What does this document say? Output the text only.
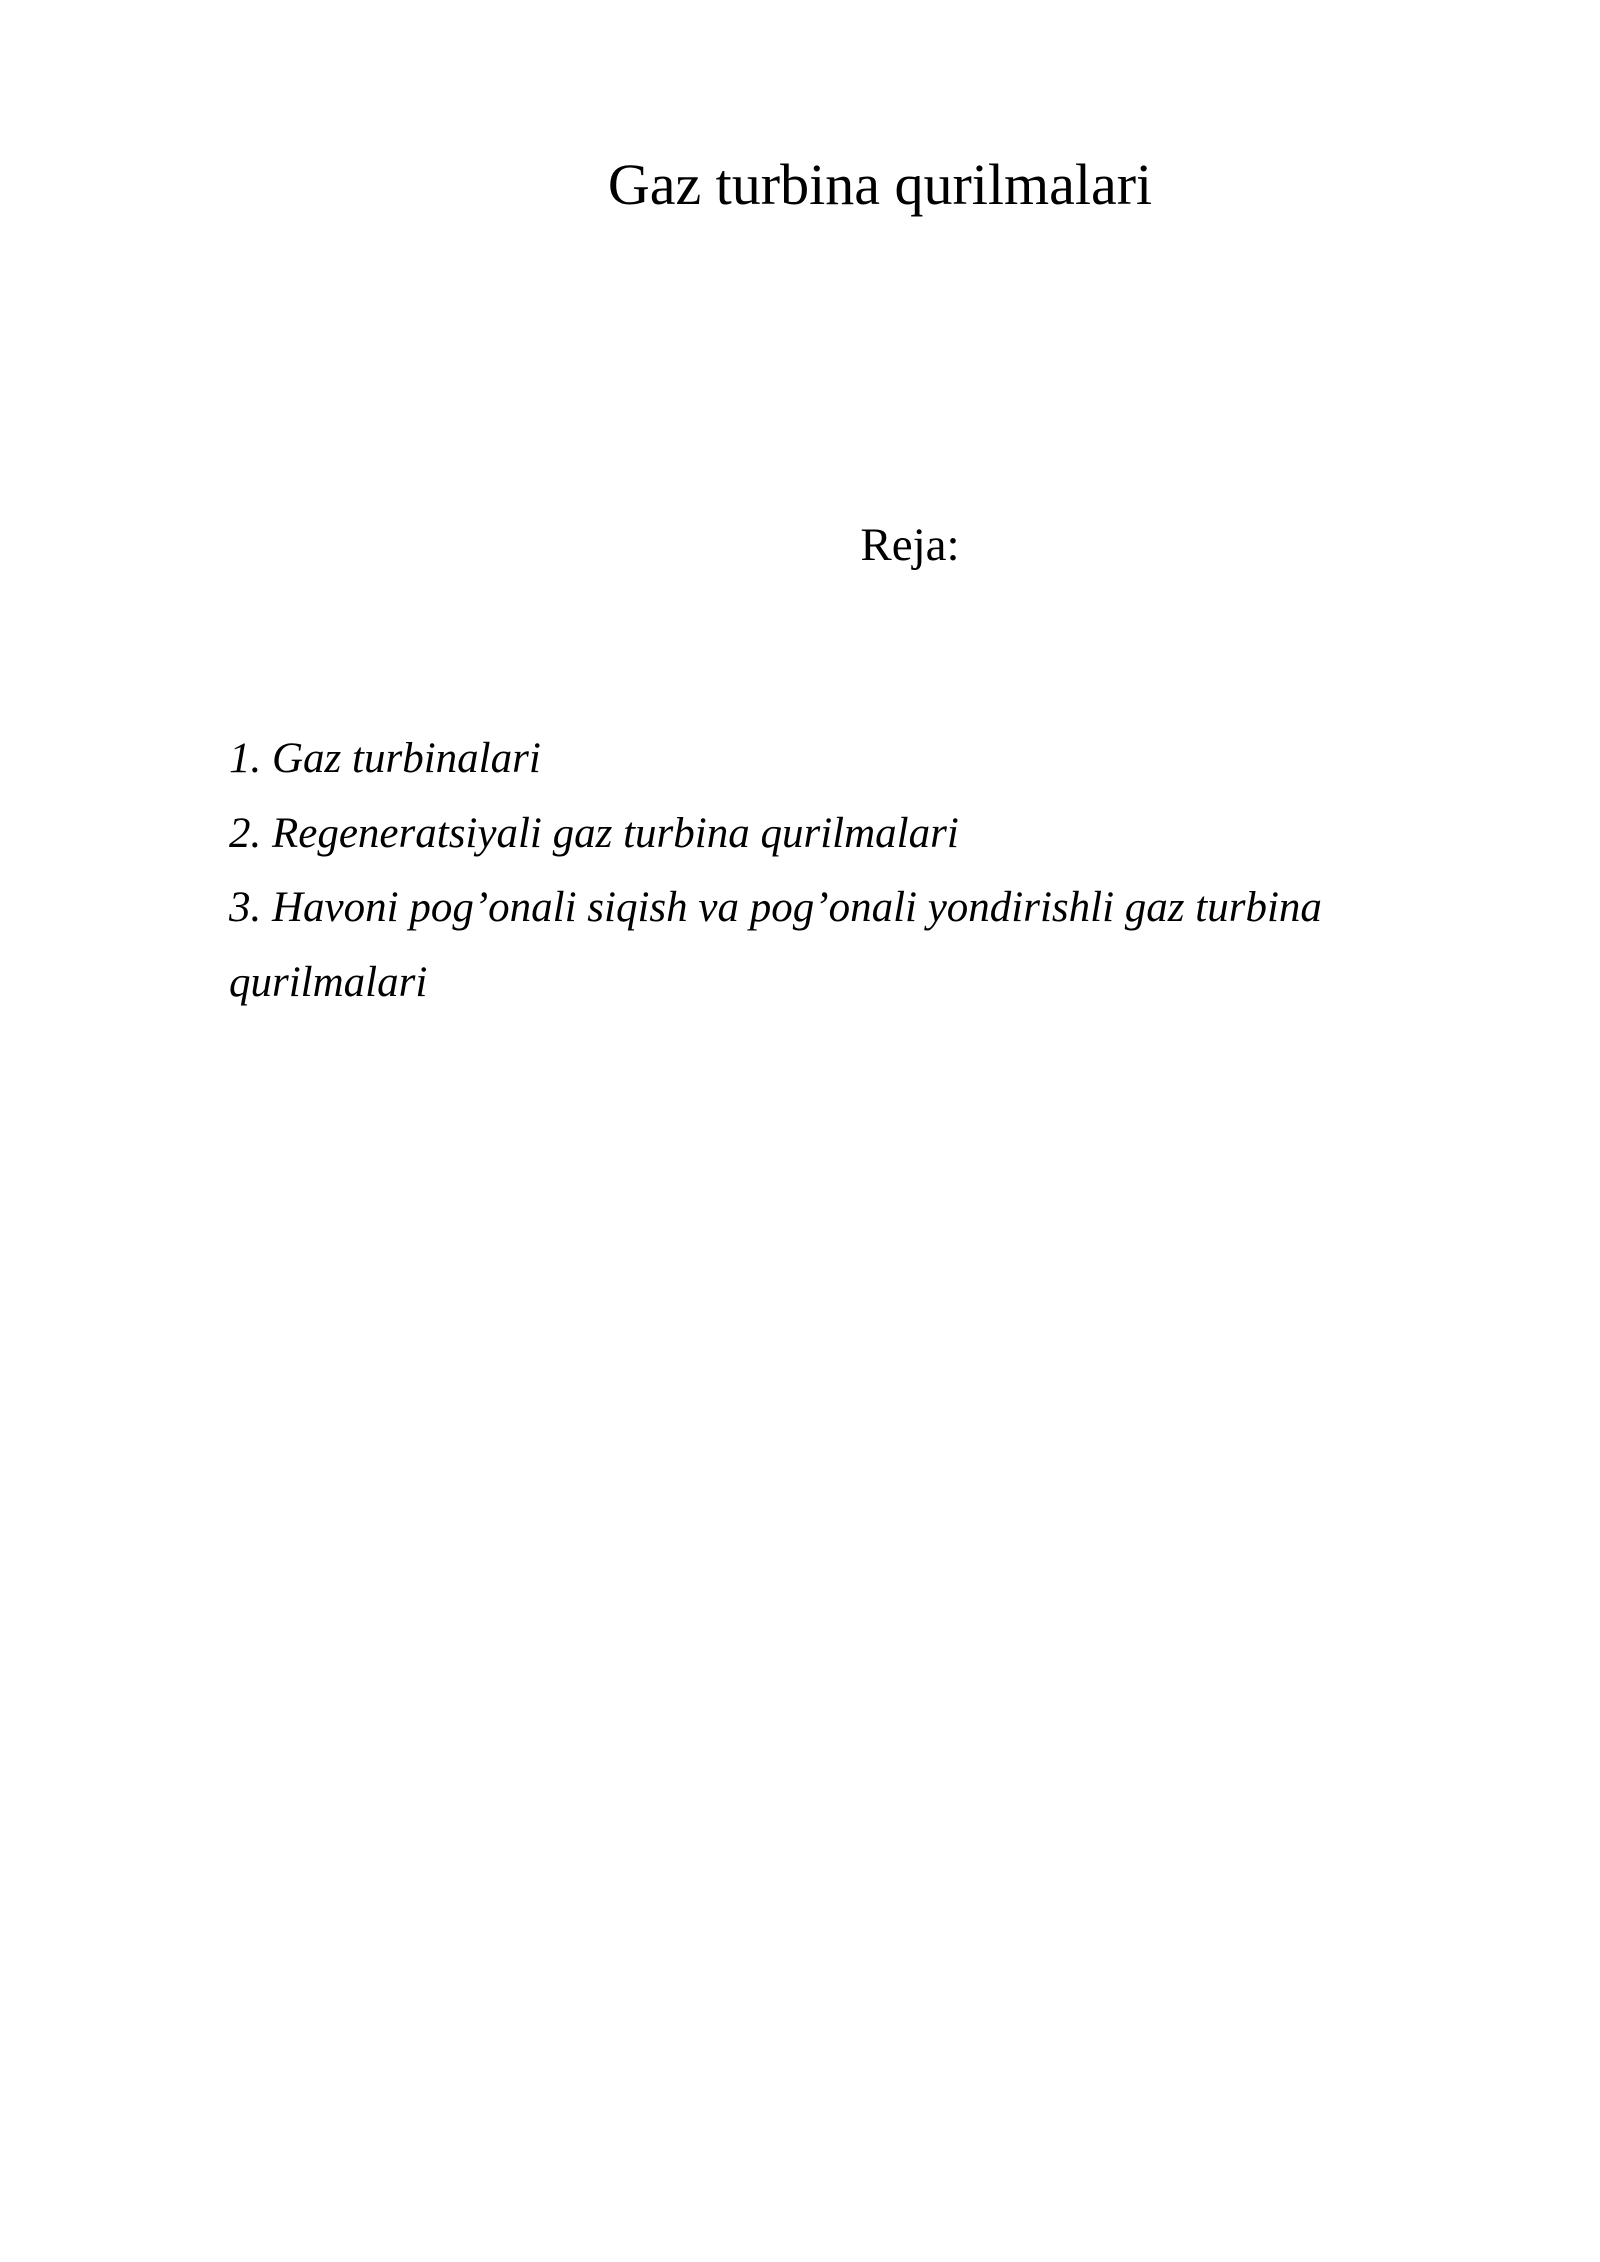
Gaz turbina qurilmalari

Reja:

1. Gaz turbinalari
2. Regeneratsiyali gaz turbina qurilmalari
3. Havoni pog’onali siqish va pog’onali yondirishli gaz turbina qurilmalari
